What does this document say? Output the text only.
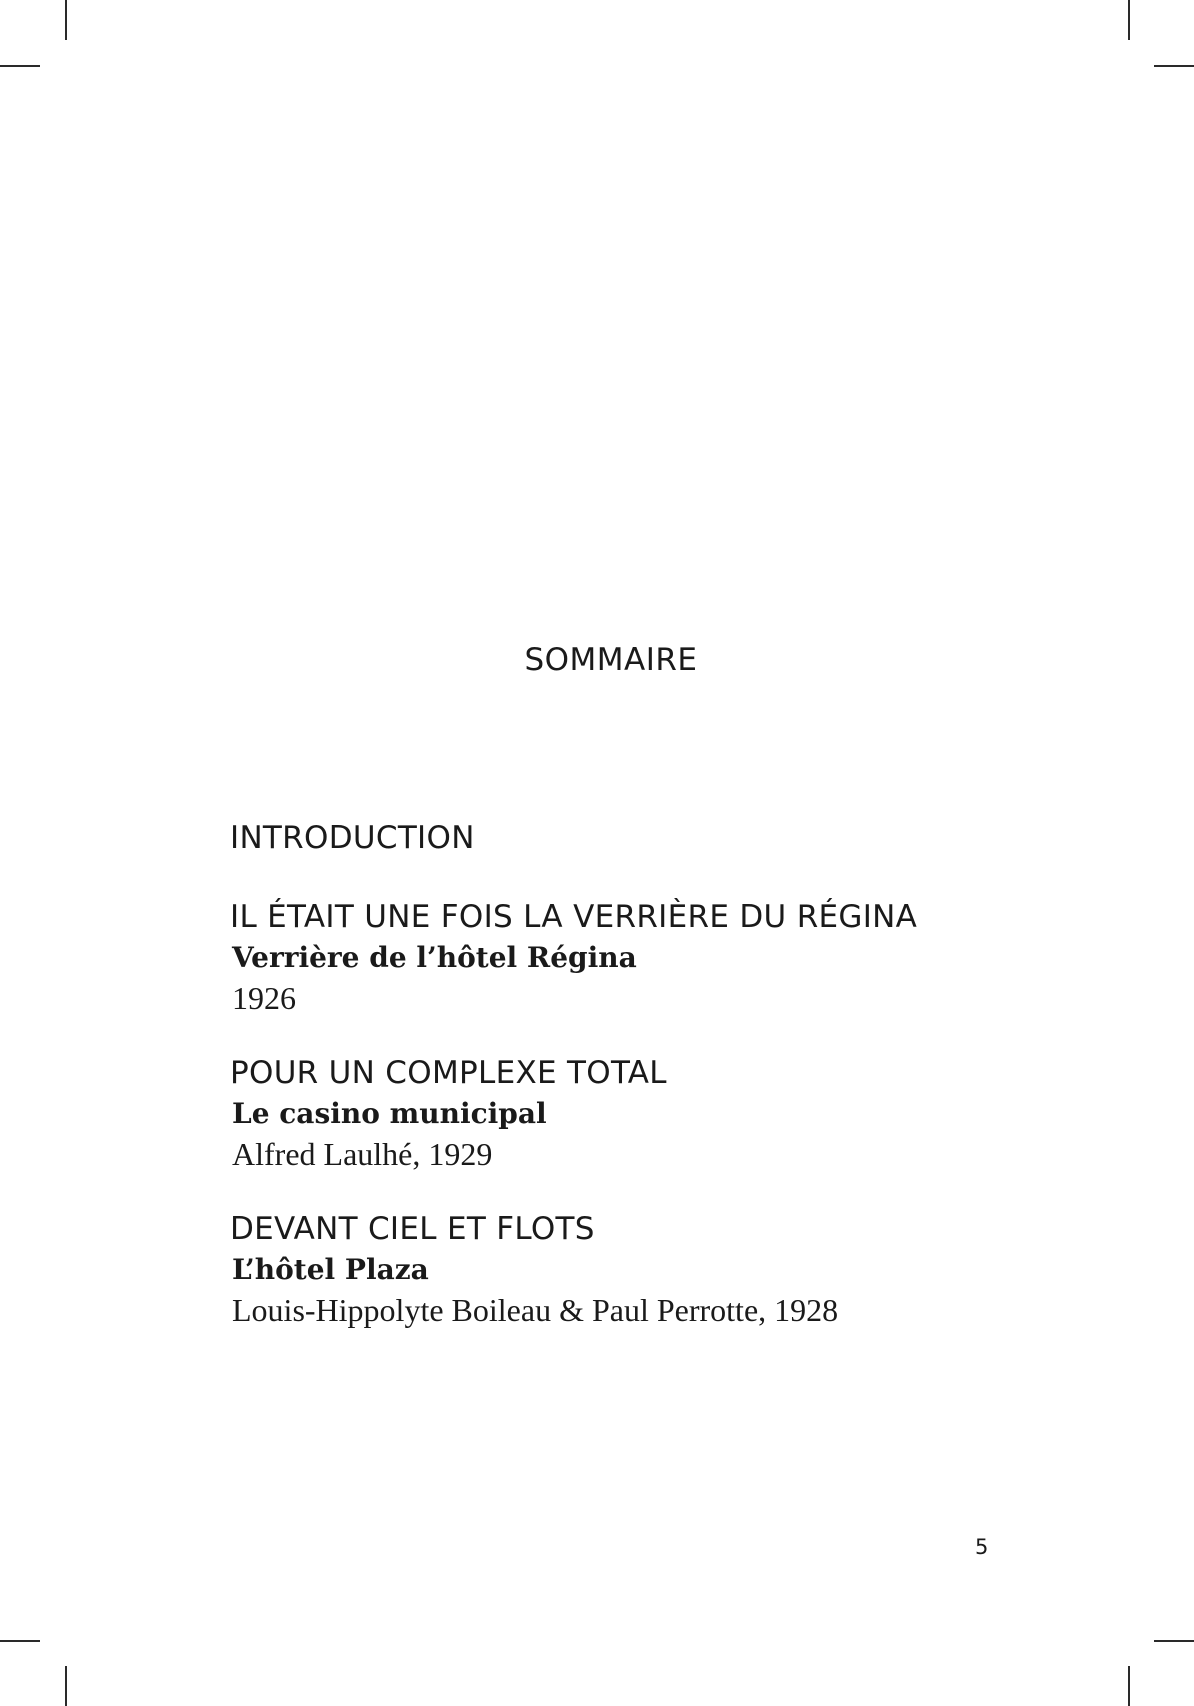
SOMMAIRE
INTRODUCTION
IL ÉTAIT UNE FOIS LA VERRIÈRE DU RÉGINA
Verrière de l’hôtel Régina
1926
POUR UN COMPLEXE TOTAL
Le casino municipal
Alfred Laulhé, 1929
DEVANT CIEL ET FLOTS
L’hôtel Plaza
Louis-Hippolyte Boileau & Paul Perrotte, 1928
5
